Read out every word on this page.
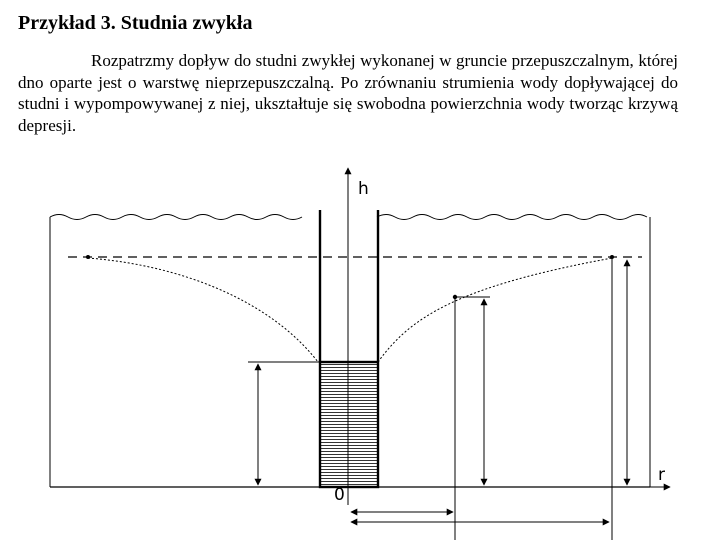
Przykład 3. Studnia zwykła
Rozpatrzmy dopływ do studni zwykłej wykonanej w gruncie przepuszczalnym, której dno oparte jest o warstwę nieprzepuszczalną. Po zrównaniu strumienia wody dopływającej do studni i wypompowywanej z niej, ukształtuje się swobodna powierzchnia wody tworząc krzywą depresji.
h
r
0
